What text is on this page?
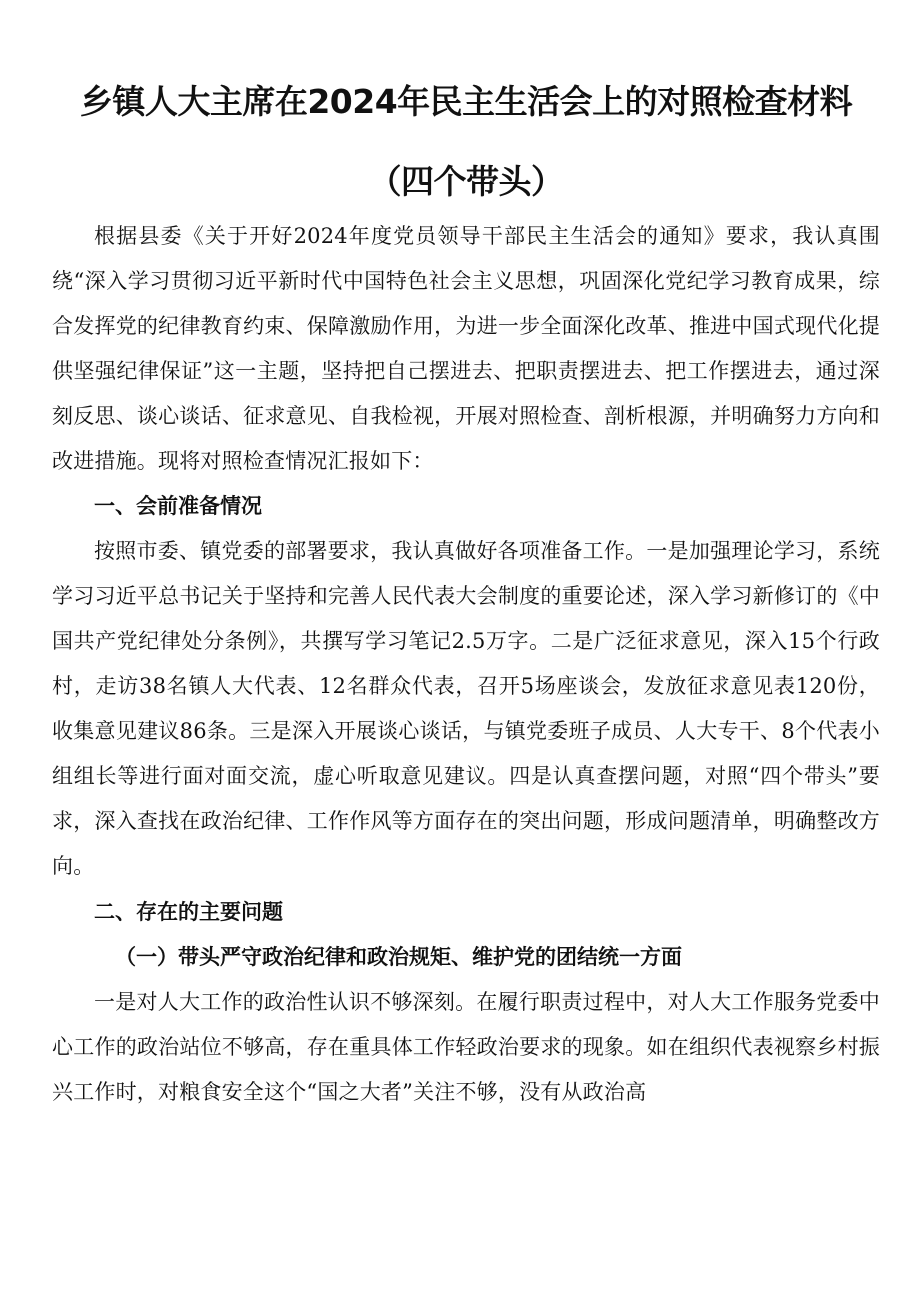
乡镇人大主席在2024年民主生活会上的对照检查材料
（四个带头）

根据县委《关于开好2024年度党员领导干部民主生活会的通知》要求，我认真围绕“深入学习贯彻习近平新时代中国特色社会主义思想，巩固深化党纪学习教育成果，综合发挥党的纪律教育约束、保障激励作用，为进一步全面深化改革、推进中国式现代化提供坚强纪律保证”这一主题，坚持把自己摆进去、把职责摆进去、把工作摆进去，通过深刻反思、谈心谈话、征求意见、自我检视，开展对照检查、剖析根源，并明确努力方向和改进措施。现将对照检查情况汇报如下：

一、会前准备情况

按照市委、镇党委的部署要求，我认真做好各项准备工作。一是加强理论学习，系统学习习近平总书记关于坚持和完善人民代表大会制度的重要论述，深入学习新修订的《中国共产党纪律处分条例》，共撰写学习笔记2.5万字。二是广泛征求意见，深入15个行政村，走访38名镇人大代表、12名群众代表，召开5场座谈会，发放征求意见表120份，收集意见建议86条。三是深入开展谈心谈话，与镇党委班子成员、人大专干、8个代表小组组长等进行面对面交流，虚心听取意见建议。四是认真查摆问题，对照“四个带头”要求，深入查找在政治纪律、工作作风等方面存在的突出问题，形成问题清单，明确整改方向。

二、存在的主要问题
（一）带头严守政治纪律和政治规矩、维护党的团结统一方面

一是对人大工作的政治性认识不够深刻。在履行职责过程中，对人大工作服务党委中心工作的政治站位不够高，存在重具体工作轻政治要求的现象。如在组织代表视察乡村振兴工作时，对粮食安全这个“国之大者”关注不够，没有从政治高
